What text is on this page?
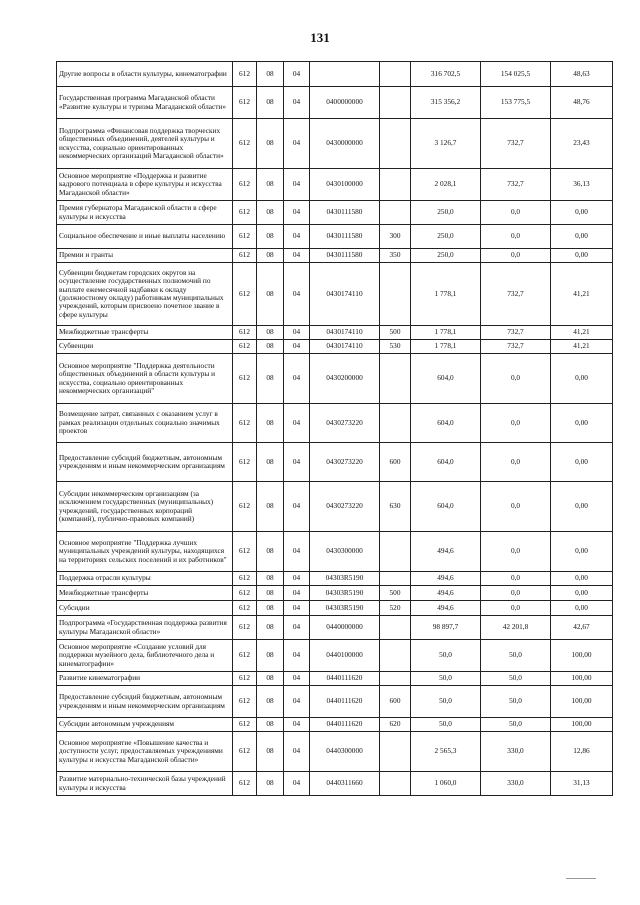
131
Другие вопросы в области культуры, кинематографии	612	08	04			316 702,5	154 025,5	48,63
Государственная программа Магаданской области «Развитие культуры и туризма Магаданской области»	612	08	04	0400000000		315 356,2	153 775,5	48,76
Подпрограмма «Финансовая поддержка творческих общественных объединений, деятелей культуры и искусства, социально ориентированных некоммерческих организаций Магаданской области»	612	08	04	0430000000		3 126,7	732,7	23,43
Основное мероприятие «Поддержка и развитие кадрового потенциала в сфере культуры и искусства Магаданской области»	612	08	04	0430100000		2 028,1	732,7	36,13
Премия губернатора Магаданской области в сфере культуры и искусства	612	08	04	0430111580		250,0	0,0	0,00
Социальное обеспечение и иные выплаты населению	612	08	04	0430111580	300	250,0	0,0	0,00
Премии и гранты	612	08	04	0430111580	350	250,0	0,0	0,00
Субвенции бюджетам городских округов на осуществление государственных полномочий по выплате ежемесячной надбавки к окладу (должностному окладу) работникам муниципальных учреждений, которым присвоено почетное звание в сфере культуры	612	08	04	0430174110		1 778,1	732,7	41,21
Межбюджетные трансферты	612	08	04	0430174110	500	1 778,1	732,7	41,21
Субвенции	612	08	04	0430174110	530	1 778,1	732,7	41,21
Основное мероприятие "Поддержка деятельности общественных объединений в области культуры и искусства, социально ориентированных некоммерческих организаций"	612	08	04	0430200000		604,0	0,0	0,00
Возмещение затрат, связанных с оказанием услуг в рамках реализации отдельных социально значимых проектов	612	08	04	0430273220		604,0	0,0	0,00
Предоставление субсидий бюджетным, автономным учреждениям и иным некоммерческим организациям	612	08	04	0430273220	600	604,0	0,0	0,00
Субсидии некоммерческим организациям (за исключением государственных (муниципальных) учреждений, государственных корпораций (компаний), публично-правовых компаний)	612	08	04	0430273220	630	604,0	0,0	0,00
Основное мероприятие "Поддержка лучших муниципальных учреждений культуры, находящихся на территориях сельских поселений и их работников"	612	08	04	0430300000		494,6	0,0	0,00
Поддержка отрасли культуры	612	08	04	04303R5190		494,6	0,0	0,00
Межбюджетные трансферты	612	08	04	04303R5190	500	494,6	0,0	0,00
Субсидии	612	08	04	04303R5190	520	494,6	0,0	0,00
Подпрограмма «Государственная поддержка развития культуры Магаданской области»	612	08	04	0440000000		98 897,7	42 201,8	42,67
Основное мероприятие «Создание условий для поддержки музейного дела, библиотечного дела и кинематографии»	612	08	04	0440100000		50,0	50,0	100,00
Развитие кинематографии	612	08	04	0440111620		50,0	50,0	100,00
Предоставление субсидий бюджетным, автономным учреждениям и иным некоммерческим организациям	612	08	04	0440111620	600	50,0	50,0	100,00
Субсидии автономным учреждениям	612	08	04	0440111620	620	50,0	50,0	100,00
Основное мероприятие «Повышение качества и доступности услуг, предоставляемых учреждениями культуры и искусства Магаданской области»	612	08	04	0440300000		2 565,3	330,0	12,86
Развитие материально-технической базы учреждений культуры и искусства	612	08	04	0440311660		1 060,0	330,0	31,13
